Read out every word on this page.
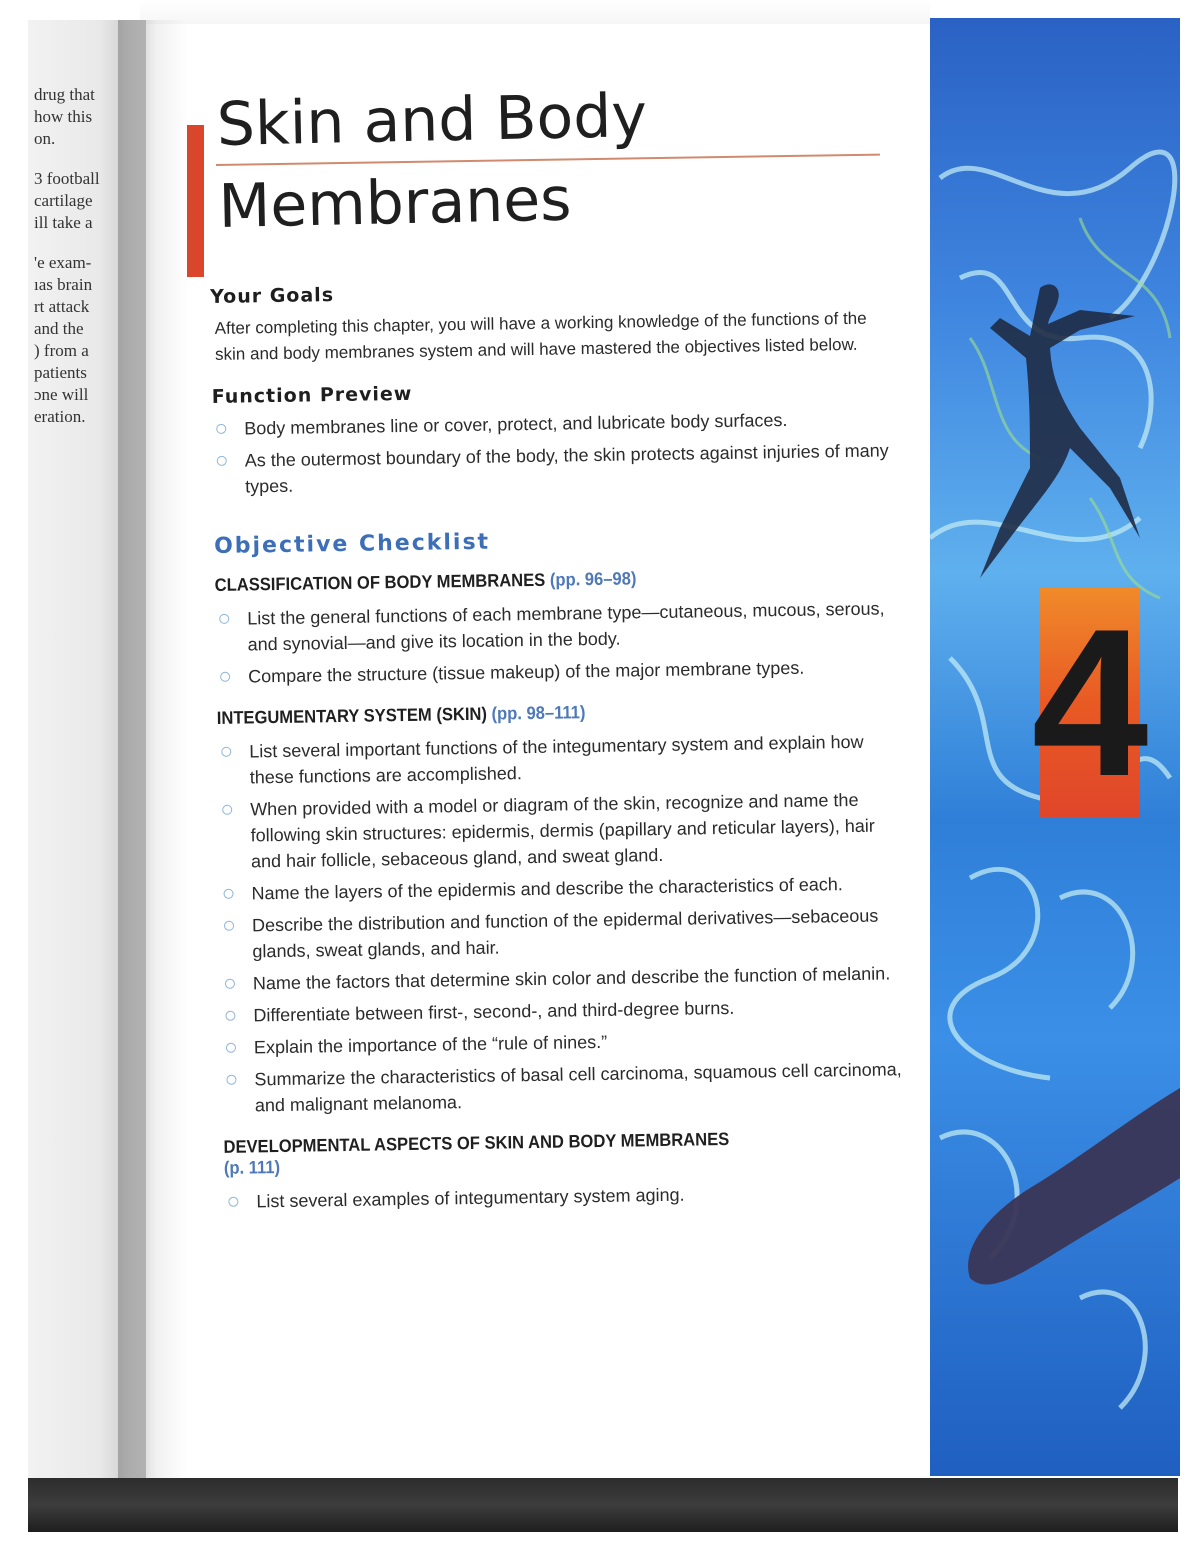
drug that
how this
on.

3 football
cartilage
ill take a

'e exam-
ıas brain
rt attack
and the
) from a
patients
ɔne will
eration.

Skin and Body
Membranes
Your Goals

After completing this chapter, you will have a working knowledge of the functions of the skin and body membranes system and will have mastered the objectives listed below.

Function Preview
Body membranes line or cover, protect, and lubricate body surfaces.
As the outermost boundary of the body, the skin protects against injuries of many types.
Objective Checklist
CLASSIFICATION OF BODY MEMBRANES (pp. 96–98)
List the general functions of each membrane type—cutaneous, mucous, serous, and synovial—and give its location in the body.
Compare the structure (tissue makeup) of the major membrane types.
INTEGUMENTARY SYSTEM (SKIN) (pp. 98–111)
List several important functions of the integumentary system and explain how these functions are accomplished.
When provided with a model or diagram of the skin, recognize and name the following skin structures: epidermis, dermis (papillary and reticular layers), hair and hair follicle, sebaceous gland, and sweat gland.
Name the layers of the epidermis and describe the characteristics of each.
Describe the distribution and function of the epidermal derivatives—sebaceous glands, sweat glands, and hair.
Name the factors that determine skin color and describe the function of melanin.
Differentiate between first-, second-, and third-degree burns.
Explain the importance of the “rule of nines.”
Summarize the characteristics of basal cell carcinoma, squamous cell carcinoma, and malignant melanoma.
DEVELOPMENTAL ASPECTS OF SKIN AND BODY MEMBRANES
(p. 111)
List several examples of integumentary system aging.
4
